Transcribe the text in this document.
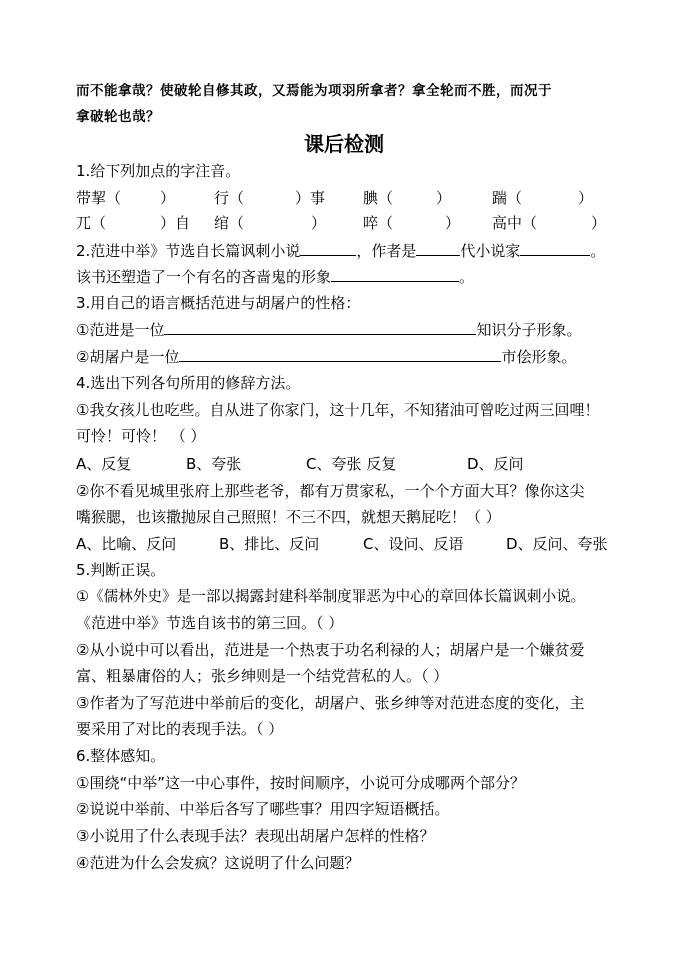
而不能拿哉？使破轮自修其政，又焉能为项羽所拿者？拿全轮而不胜，而况于
拿破轮也哉？
课后检测
1.给下列加点的字注音。
带挈（	）	行（	）事	腆（	）	踹（	）
兀（	）自 绾（	） 啐（	） 高中（	）
2.范进中举》节选自长篇讽刺小说	，作者是	代小说家	。
该书还塑造了一个有名的吝啬鬼的形象	。
3.用自己的语言概括范进与胡屠户的性格：
①范进是一位	知识分子形象。
②胡屠户是一位	市侩形象。
4.选出下列各句所用的修辞方法。
①我女孩儿也吃些。自从进了你家门，这十几年，不知猪油可曾吃过两三回哩！
可怜！可怜！ （ ）
A、反复	B、夸张	C、夸张 反复	D、反问
②你不看见城里张府上那些老爷，都有万贯家私，一个个方面大耳？像你这尖
嘴猴腮，也该撒抛尿自己照照！不三不四，就想天鹅屁吃！（ ）
A、比喻、反问	B、排比、反问	C、设问、反语	D、反问、夸张
5.判断正误。
①《儒林外史》是一部以揭露封建科举制度罪恶为中心的章回体长篇讽刺小说。
《范进中举》节选自该书的第三回。（ ）
②从小说中可以看出，范进是一个热衷于功名利禄的人；胡屠户是一个嫌贫爱
富、粗暴庸俗的人；张乡绅则是一个结党营私的人。（ ）
③作者为了写范进中举前后的变化，胡屠户、张乡绅等对范进态度的变化，主
要采用了对比的表现手法。（ ）
6.整体感知。
①围绕“中举”这一中心事件，按时间顺序，小说可分成哪两个部分？
②说说中举前、中举后各写了哪些事？用四字短语概括。
③小说用了什么表现手法？表现出胡屠户怎样的性格？
④范进为什么会发疯？这说明了什么问题？
